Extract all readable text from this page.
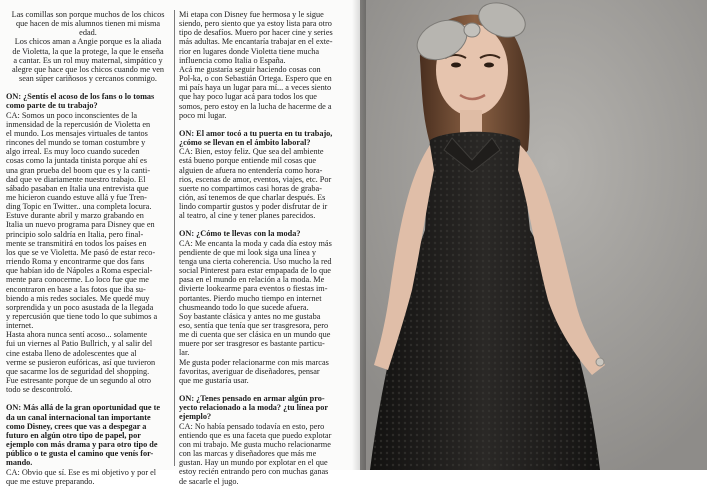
Las comillas son porque muchos de los chicos
que hacen de mis alumnos tienen mi misma
edad.

Los chicos aman a Angie porque es la aliada
de Violetta, la que la protege, la que le enseña
a cantar. Es un rol muy maternal, simpático y
alegre que hace que los chicos cuando me ven
sean súper cariñosos y cercanos conmigo.

ON: ¿Sentís el acoso de los fans o lo tomas
como parte de tu trabajo?

CA: Somos un poco inconscientes de la
inmensidad de la repercusión de Violetta en
el mundo. Los mensajes virtuales de tantos
rincones del mundo se toman costumbre y
algo irreal. Es muy loco cuando suceden
cosas como la juntada tinista porque ahí es
una gran prueba del boom que es y la canti-
dad que ve diariamente nuestro trabajo. El
sábado pasaban en Italia una entrevista que
me hicieron cuando estuve allá y fue Tren-
ding Topic en Twitter.. una completa locura.
Estuve durante abril y marzo grabando en
Italia un nuevo programa para Disney que en
principio solo saldría en Italia, pero final-
mente se transmitirá en todos los países en
los que se ve Violetta. Me pasó de estar reco-
rriendo Roma y encontrarme que dos fans
que habían ido de Nápoles a Roma especial-
mente para conocerme. Lo loco fue que me
encontraron en base a las fotos que iba su-
biendo a mis redes sociales. Me quedé muy
sorprendida y un poco asustada de la llegada
y repercusión que tiene todo lo que subimos a
internet.

Hasta ahora nunca sentí acoso... solamente
fui un viernes al Patio Bullrich, y al salir del
cine estaba lleno de adolescentes que al
verme se pusieron eufóricas, así que tuvieron
que sacarme los de seguridad del shopping.
Fue estresante porque de un segundo al otro
todo se descontroló.

ON: Más allá de la gran oportunidad que te
da un canal internacional tan importante
como Disney, crees que vas a despegar a
futuro en algún otro tipo de papel, por
ejemplo con más drama y para otro tipo de
público o te gusta el camino que venís for-
mando.

CA: Obvio que sí. Ese es mi objetivo y por el
que me estuve preparando.

Mi etapa con Disney fue hermosa y le sigue
siendo, pero siento que ya estoy lista para otro
tipo de desafíos. Muero por hacer cine y series
más adultas. Me encantaría trabajar en el exte-
rior en lugares donde Violetta tiene mucha
influencia como Italia o España.

Acá me gustaría seguir haciendo cosas con
Pol-ka, o con Sebastián Ortega. Espero que en
mi país haya un lugar para mí... a veces siento
que hay poco lugar acá para todos los que
somos, pero estoy en la lucha de hacerme de a
poco mi lugar.

ON: El amor tocó a tu puerta en tu trabajo,
¿cómo se llevan en el ámbito laboral?

CA: Bien, estoy feliz. Que sea del ambiente
está bueno porque entiende mil cosas que
alguien de afuera no entendería como hora-
rios, escenas de amor, eventos, viajes, etc. Por
suerte no compartimos casi horas de graba-
ción, así tenemos de que charlar después. Es
lindo compartir gustos y poder disfrutar de ir
al teatro, al cine y tener planes parecidos.

ON: ¿Cómo te llevas con la moda?

CA: Me encanta la moda y cada día estoy más
pendiente de que mi look siga una línea y
tenga una cierta coherencia. Uso mucho la red
social Pinterest para estar empapada de lo que
pasa en el mundo en relación a la moda. Me
divierte lookearme para eventos o fiestas im-
portantes. Pierdo mucho tiempo en internet
chusmeando todo lo que sucede afuera.

Soy bastante clásica y antes no me gustaba
eso, sentía que tenía que ser trasgresora, pero
me di cuenta que ser clásica en un mundo que
muere por ser trasgresor es bastante particu-
lar.

Me gusta poder relacionarme con mis marcas
favoritas, averiguar de diseñadores, pensar
que me gustaría usar.

ON: ¿Tenes pensado en armar algún pro-
yecto relacionado a la moda? ¿tu línea por
ejemplo?

CA: No había pensado todavía en esto, pero
entiendo que es una faceta que puedo explotar
con mi trabajo. Me gusta mucho relacionarme
con las marcas y diseñadores que más me
gustan. Hay un mundo por explotar en el que
estoy recién entrando pero con muchas ganas
de sacarle el jugo.
